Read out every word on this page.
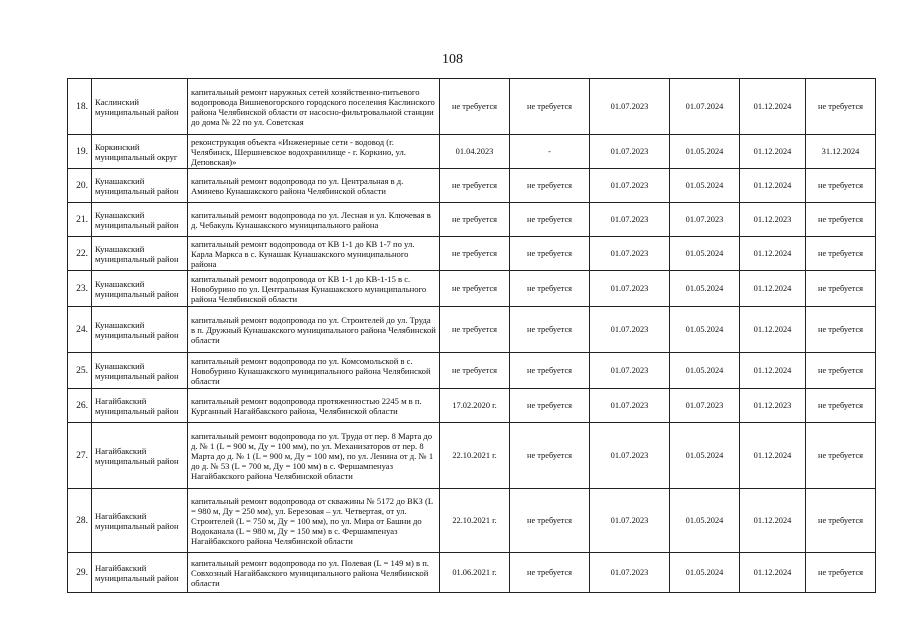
108
18.	Каслинский муниципальный район	капитальный ремонт наружных сетей хозяйственно-питьевого водопровода Вишневогорского городского поселения Каслинского района Челябинской области от насосно-фильтровальной станции до дома № 22 по ул. Советская	не требуется	не требуется	01.07.2023	01.07.2024	01.12.2024	не требуется
19.	Коркинский муниципальный округ	реконструкция объекта «Инженерные сети - водовод (г. Челябинск, Шершневское водохранилище - г. Коркино, ул. Деповская)»	01.04.2023	-	01.07.2023	01.05.2024	01.12.2024	31.12.2024
20.	Кунашакский муниципальный район	капитальный ремонт водопровода по ул. Центральная в д. Аминево Кунашакского района Челябинской области	не требуется	не требуется	01.07.2023	01.05.2024	01.12.2024	не требуется
21.	Кунашакский муниципальный район	капитальный ремонт водопровода по ул. Лесная и ул. Ключевая в д. Чебакуль Кунашакского муниципального района	не требуется	не требуется	01.07.2023	01.07.2023	01.12.2023	не требуется
22.	Кунашакский муниципальный район	капитальный ремонт водопровода от КВ 1-1 до КВ 1-7 по ул. Карла Маркса в с. Кунашак Кунашакского муниципального района	не требуется	не требуется	01.07.2023	01.05.2024	01.12.2024	не требуется
23.	Кунашакский муниципальный район	капитальный ремонт водопровода от КВ 1-1 до КВ-1-15 в с. Новобурино по ул. Центральная Кунашакского муниципального района Челябинской области	не требуется	не требуется	01.07.2023	01.05.2024	01.12.2024	не требуется
24.	Кунашакский муниципальный район	капитальный ремонт водопровода по ул. Строителей до ул. Труда в п. Дружный Кунашакского муниципального района Челябинской области	не требуется	не требуется	01.07.2023	01.05.2024	01.12.2024	не требуется
25.	Кунашакский муниципальный район	капитальный ремонт водопровода по ул. Комсомольской в с. Новобурино Кунашакского муниципального района Челябинской области	не требуется	не требуется	01.07.2023	01.05.2024	01.12.2024	не требуется
26.	Нагайбакский муниципальный район	капитальный ремонт водопровода протяженностью 2245 м в п. Курганный Нагайбакского района, Челябинской области	17.02.2020 г.	не требуется	01.07.2023	01.07.2023	01.12.2023	не требуется
27.	Нагайбакский муниципальный район	капитальный ремонт водопровода по ул. Труда от пер. 8 Марта до д. № 1 (L = 900 м, Ду = 100 мм), по ул. Механизаторов от пер. 8 Марта до д. № 1 (L = 900 м, Ду = 100 мм), по ул. Ленина от д. № 1 до д. № 53 (L = 700 м, Ду = 100 мм) в с. Фершампенуаз Нагайбакского района Челябинской области	22.10.2021 г.	не требуется	01.07.2023	01.05.2024	01.12.2024	не требуется
28.	Нагайбакский муниципальный район	капитальный ремонт водопровода от скважины № 5172 до ВКЗ (L = 980 м, Ду = 250 мм), ул. Березовая – ул. Четвертая, от ул. Строителей (L = 750 м, Ду = 100 мм), по ул. Мира от Башни до Водоканала (L = 980 м, Ду = 150 мм) в с. Фершампенуаз Нагайбакского района Челябинской области	22.10.2021 г.	не требуется	01.07.2023	01.05.2024	01.12.2024	не требуется
29.	Нагайбакский муниципальный район	капитальный ремонт водопровода по ул. Полевая (L = 149 м) в п. Совхозный Нагайбакского муниципального района Челябинской области	01.06.2021 г.	не требуется	01.07.2023	01.05.2024	01.12.2024	не требуется
